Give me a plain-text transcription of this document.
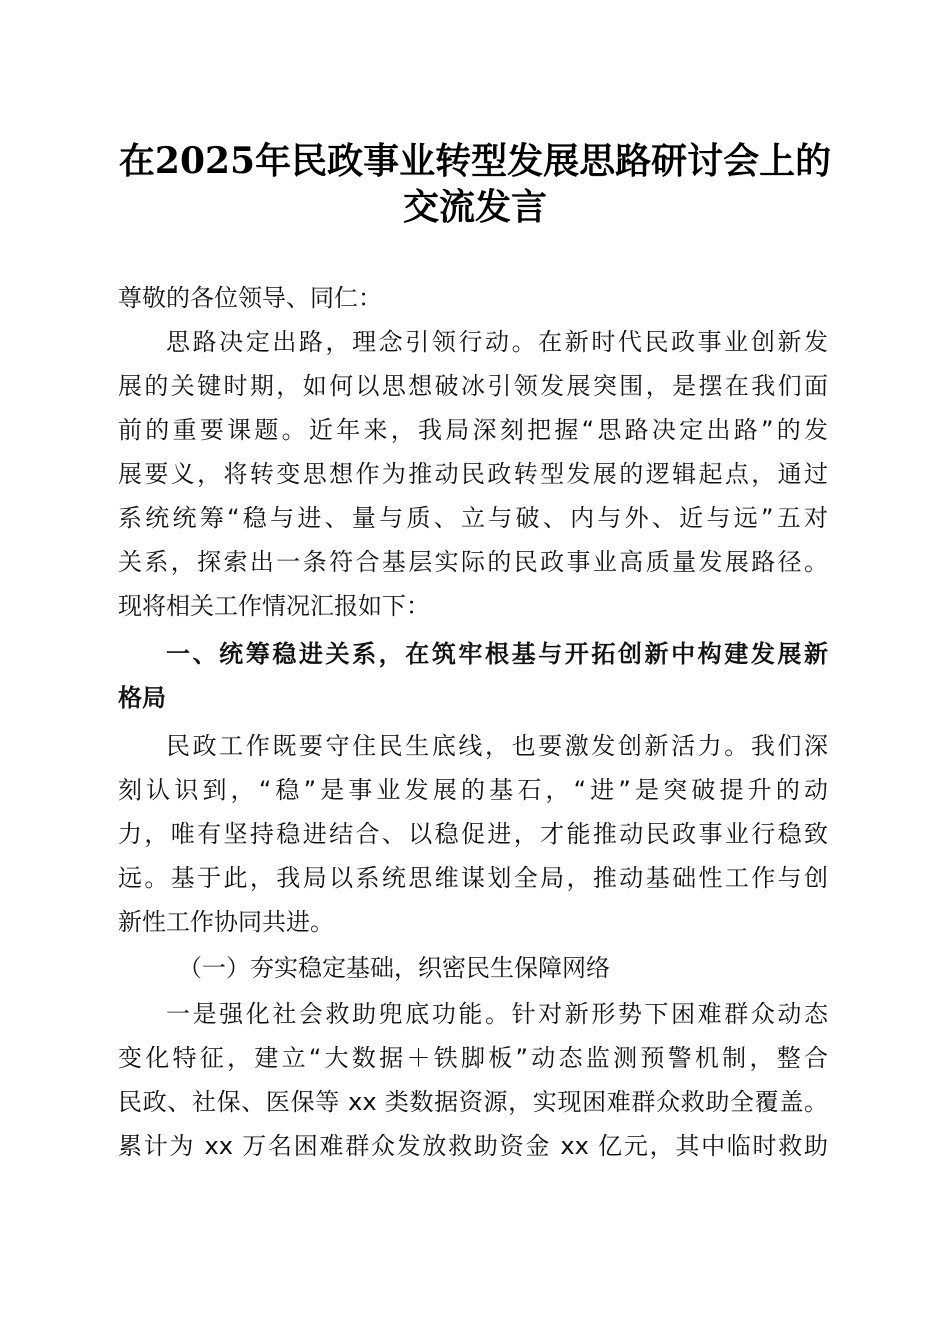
在2025年民政事业转型发展思路研讨会上的
交流发言

尊敬的各位领导、同仁：

思路决定出路，理念引领行动。在新时代民政事业创新发

展的关键时期，如何以思想破冰引领发展突围，是摆在我们面

前的重要课题。近年来，我局深刻把握“思路决定出路”的发

展要义，将转变思想作为推动民政转型发展的逻辑起点，通过

系统统筹“稳与进、量与质、立与破、内与外、近与远”五对

关系，探索出一条符合基层实际的民政事业高质量发展路径。

现将相关工作情况汇报如下：

一、统筹稳进关系，在筑牢根基与开拓创新中构建发展新

格局

民政工作既要守住民生底线，也要激发创新活力。我们深

刻认识到，“稳”是事业发展的基石，“进”是突破提升的动

力，唯有坚持稳进结合、以稳促进，才能推动民政事业行稳致

远。基于此，我局以系统思维谋划全局，推动基础性工作与创

新性工作协同共进。

（一）夯实稳定基础，织密民生保障网络

一是强化社会救助兜底功能。针对新形势下困难群众动态

变化特征，建立“大数据＋铁脚板”动态监测预警机制，整合

民政、社保、医保等 xx 类数据资源，实现困难群众救助全覆盖。

累计为 xx 万名困难群众发放救助资金 xx 亿元，其中临时救助
